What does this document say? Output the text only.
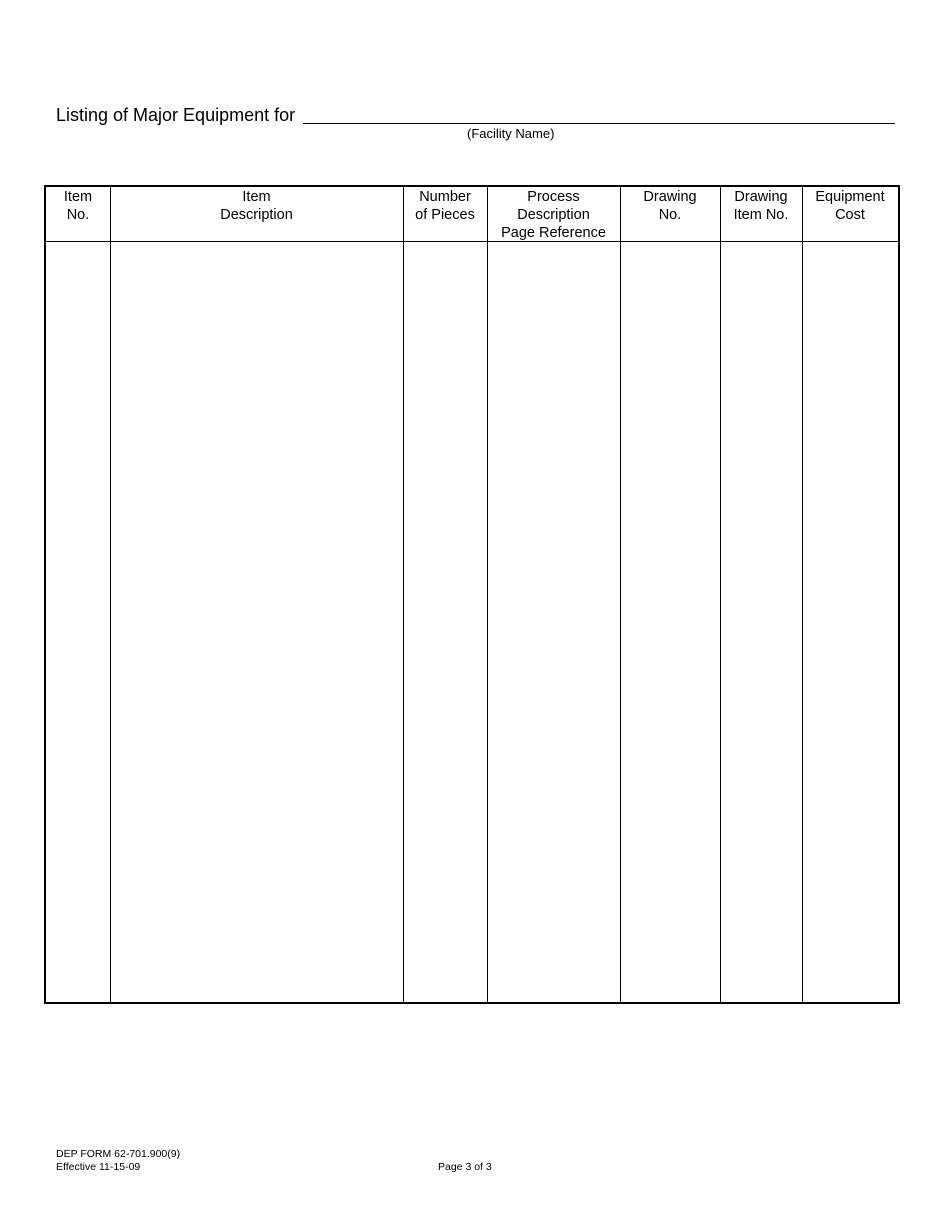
Listing of Major Equipment for
(Facility Name)
Item
No.
Item
Description
Number
of Pieces
Process
Description
Page Reference
Drawing
No.
Drawing
Item No.
Equipment
Cost
DEP FORM 62-701.900(9)
Effective 11-15-09	Page 3 of 3
